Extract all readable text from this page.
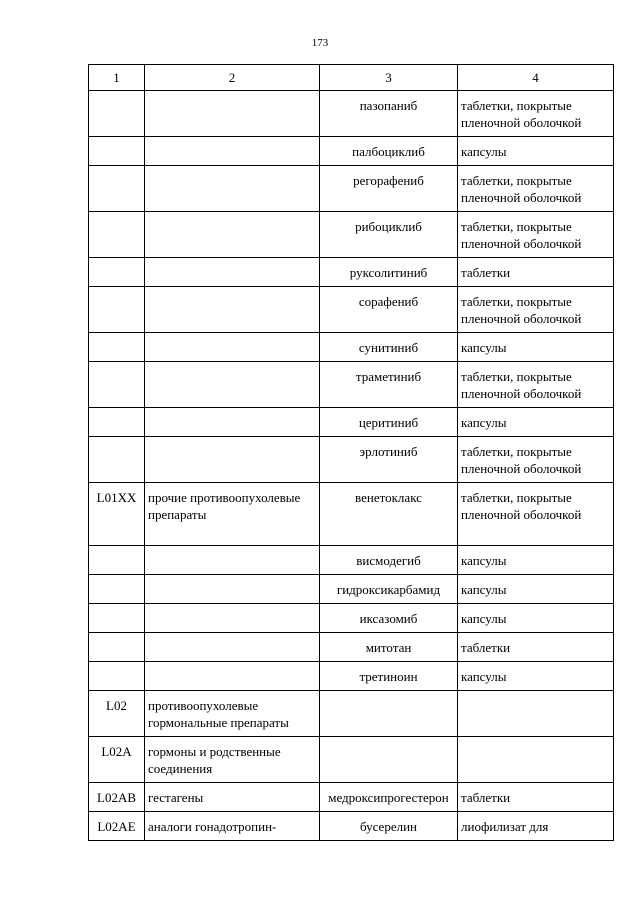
173
1	2	3	4
		пазопаниб	таблетки, покрытые пленочной оболочкой
		палбоциклиб	капсулы
		регорафениб	таблетки, покрытые пленочной оболочкой
		рибоциклиб	таблетки, покрытые пленочной оболочкой
		руксолитиниб	таблетки
		сорафениб	таблетки, покрытые пленочной оболочкой
		сунитиниб	капсулы
		траметиниб	таблетки, покрытые пленочной оболочкой
		церитиниб	капсулы
		эрлотиниб	таблетки, покрытые пленочной оболочкой
L01XX	прочие противоопухолевые препараты	венетоклакс	таблетки, покрытые пленочной оболочкой
		висмодегиб	капсулы
		гидроксикарбамид	капсулы
		иксазомиб	капсулы
		митотан	таблетки
		третиноин	капсулы
L02	противоопухолевые гормональные препараты		
L02A	гормоны и родственные соединения		
L02AB	гестагены	медроксипрогестерон	таблетки
L02AE	аналоги гонадотропин-	бусерелин	лиофилизат для
